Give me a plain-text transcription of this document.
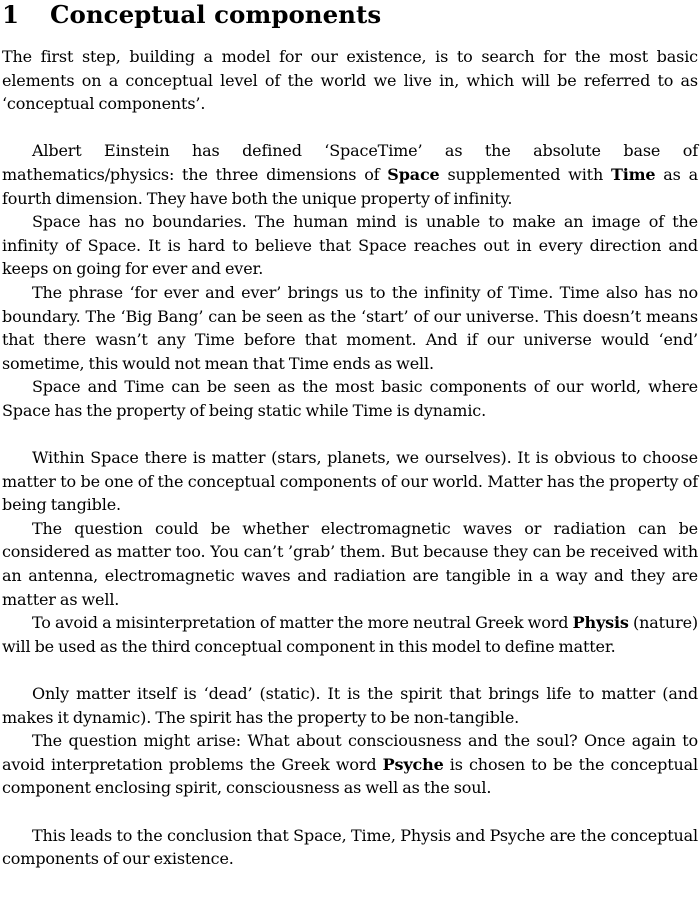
1 Conceptual components

The first step, building a model for our existence, is to search for the most basic elements on a conceptual level of the world we live in, which will be referred to as ‘conceptual components’.

Albert Einstein has defined ‘SpaceTime’ as the absolute base of mathematics/physics: the three dimensions of Space supplemented with Time as a fourth dimension. They have both the unique property of infinity.

Space has no boundaries. The human mind is unable to make an image of the infinity of Space. It is hard to believe that Space reaches out in every direction and keeps on going for ever and ever.

The phrase ‘for ever and ever’ brings us to the infinity of Time. Time also has no boundary. The ‘Big Bang’ can be seen as the ‘start’ of our universe. This doesn’t means that there wasn’t any Time before that moment. And if our universe would ‘end’ sometime, this would not mean that Time ends as well.

Space and Time can be seen as the most basic components of our world, where Space has the property of being static while Time is dynamic.

Within Space there is matter (stars, planets, we ourselves). It is obvious to choose matter to be one of the conceptual components of our world. Matter has the property of being tangible.

The question could be whether electromagnetic waves or radiation can be considered as matter too. You can’t ’grab’ them. But because they can be received with an antenna, electromagnetic waves and radiation are tangible in a way and they are matter as well.

To avoid a misinterpretation of matter the more neutral Greek word Physis (nature) will be used as the third conceptual component in this model to define matter.

Only matter itself is ‘dead’ (static). It is the spirit that brings life to matter (and makes it dynamic). The spirit has the property to be non-tangible.

The question might arise: What about consciousness and the soul? Once again to avoid interpretation problems the Greek word Psyche is chosen to be the conceptual component enclosing spirit, consciousness as well as the soul.

This leads to the conclusion that Space, Time, Physis and Psyche are the conceptual components of our existence.
